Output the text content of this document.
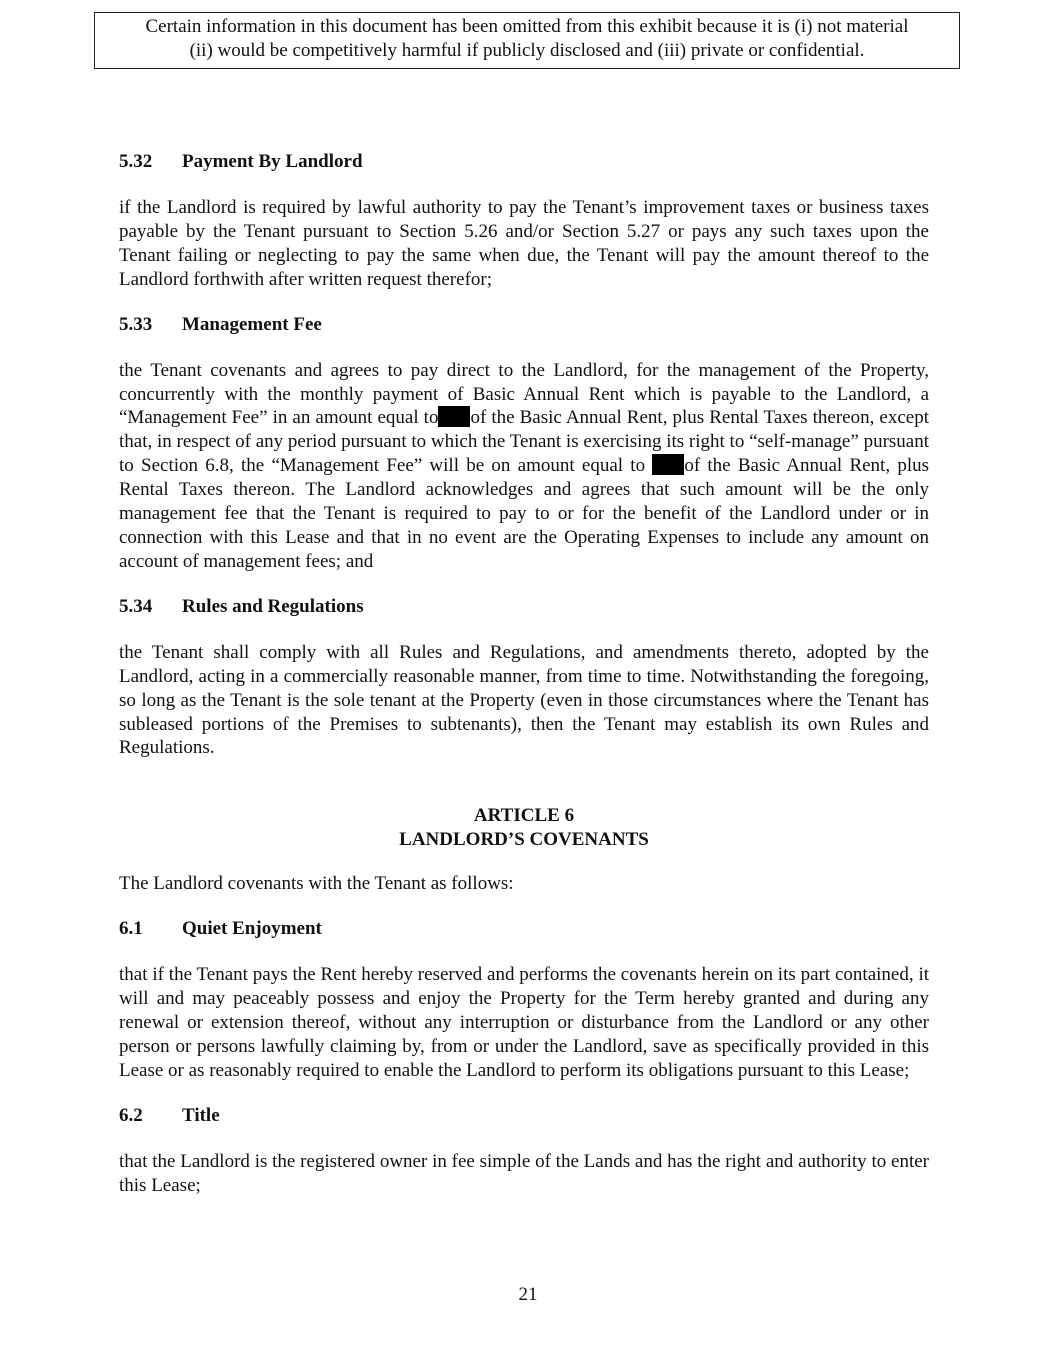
Certain information in this document has been omitted from this exhibit because it is (i) not material
(ii) would be competitively harmful if publicly disclosed and (iii) private or confidential.

5.32 Payment By Landlord

if the Landlord is required by lawful authority to pay the Tenant’s improvement taxes or business taxes payable by the Tenant pursuant to Section 5.26 and/or Section 5.27 or pays any such taxes upon the Tenant failing or neglecting to pay the same when due, the Tenant will pay the amount thereof to the Landlord forthwith after written request therefor;

5.33 Management Fee

the Tenant covenants and agrees to pay direct to the Landlord, for the management of the Property, concurrently with the monthly payment of Basic Annual Rent which is payable to the Landlord, a “Management Fee” in an amount equal to of the Basic Annual Rent, plus Rental Taxes thereon, except that, in respect of any period pursuant to which the Tenant is exercising its right to “self-manage” pursuant to Section 6.8, the “Management Fee” will be on amount equal to of the Basic Annual Rent, plus Rental Taxes thereon. The Landlord acknowledges and agrees that such amount will be the only management fee that the Tenant is required to pay to or for the benefit of the Landlord under or in connection with this Lease and that in no event are the Operating Expenses to include any amount on account of management fees; and

5.34 Rules and Regulations

the Tenant shall comply with all Rules and Regulations, and amendments thereto, adopted by the Landlord, acting in a commercially reasonable manner, from time to time. Notwithstanding the foregoing, so long as the Tenant is the sole tenant at the Property (even in those circumstances where the Tenant has subleased portions of the Premises to subtenants), then the Tenant may establish its own Rules and Regulations.

ARTICLE 6

LANDLORD’S COVENANTS

The Landlord covenants with the Tenant as follows:

6.1 Quiet Enjoyment

that if the Tenant pays the Rent hereby reserved and performs the covenants herein on its part contained, it will and may peaceably possess and enjoy the Property for the Term hereby granted and during any renewal or extension thereof, without any interruption or disturbance from the Landlord or any other person or persons lawfully claiming by, from or under the Landlord, save as specifically provided in this Lease or as reasonably required to enable the Landlord to perform its obligations pursuant to this Lease;

6.2 Title

that the Landlord is the registered owner in fee simple of the Lands and has the right and authority to enter this Lease;

21
